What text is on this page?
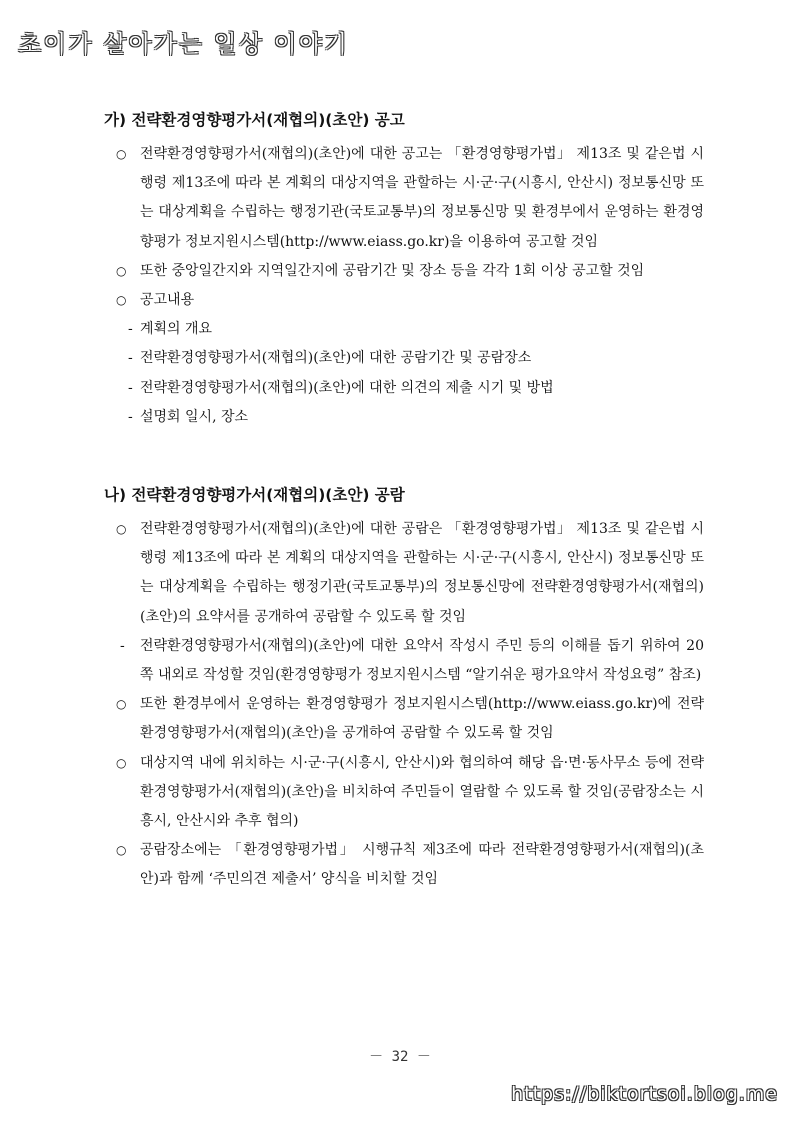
초이가 살아가는 일상 이야기
가) 전략환경영향평가서(재협의)(초안) 공고
○ 전략환경영향평가서(재협의)(초안)에 대한 공고는 「환경영향평가법」 제13조 및 같은법 시행령 제13조에 따라 본 계획의 대상지역을 관할하는 시·군·구(시흥시, 안산시) 정보통신망 또는 대상계획을 수립하는 행정기관(국토교통부)의 정보통신망 및 환경부에서 운영하는 환경영향평가 정보지원시스템(http://www.eiass.go.kr)을 이용하여 공고할 것임
○ 또한 중앙일간지와 지역일간지에 공람기간 및 장소 등을 각각 1회 이상 공고할 것임
○ 공고내용
- 계획의 개요
- 전략환경영향평가서(재협의)(초안)에 대한 공람기간 및 공람장소
- 전략환경영향평가서(재협의)(초안)에 대한 의견의 제출 시기 및 방법
- 설명회 일시, 장소
나) 전략환경영향평가서(재협의)(초안) 공람
○ 전략환경영향평가서(재협의)(초안)에 대한 공람은 「환경영향평가법」 제13조 및 같은법 시행령 제13조에 따라 본 계획의 대상지역을 관할하는 시·군·구(시흥시, 안산시) 정보통신망 또는 대상계획을 수립하는 행정기관(국토교통부)의 정보통신망에 전략환경영향평가서(재협의)(초안)의 요약서를 공개하여 공람할 수 있도록 할 것임
- 전략환경영향평가서(재협의)(초안)에 대한 요약서 작성시 주민 등의 이해를 돕기 위하여 20쪽 내외로 작성할 것임(환경영향평가 정보지원시스템 “알기쉬운 평가요약서 작성요령” 참조)
○ 또한 환경부에서 운영하는 환경영향평가 정보지원시스템(http://www.eiass.go.kr)에 전략환경영향평가서(재협의)(초안)을 공개하여 공람할 수 있도록 할 것임
○ 대상지역 내에 위치하는 시·군·구(시흥시, 안산시)와 협의하여 해당 읍·면·동사무소 등에 전략환경영향평가서(재협의)(초안)을 비치하여 주민들이 열람할 수 있도록 할 것임(공람장소는 시흥시, 안산시와 추후 협의)
○ 공람장소에는 「환경영향평가법」 시행규칙 제3조에 따라 전략환경영향평가서(재협의)(초안)과 함께 ‘주민의견 제출서’ 양식을 비치할 것임
－ 32 －
https://biktortsoi.blog.me
